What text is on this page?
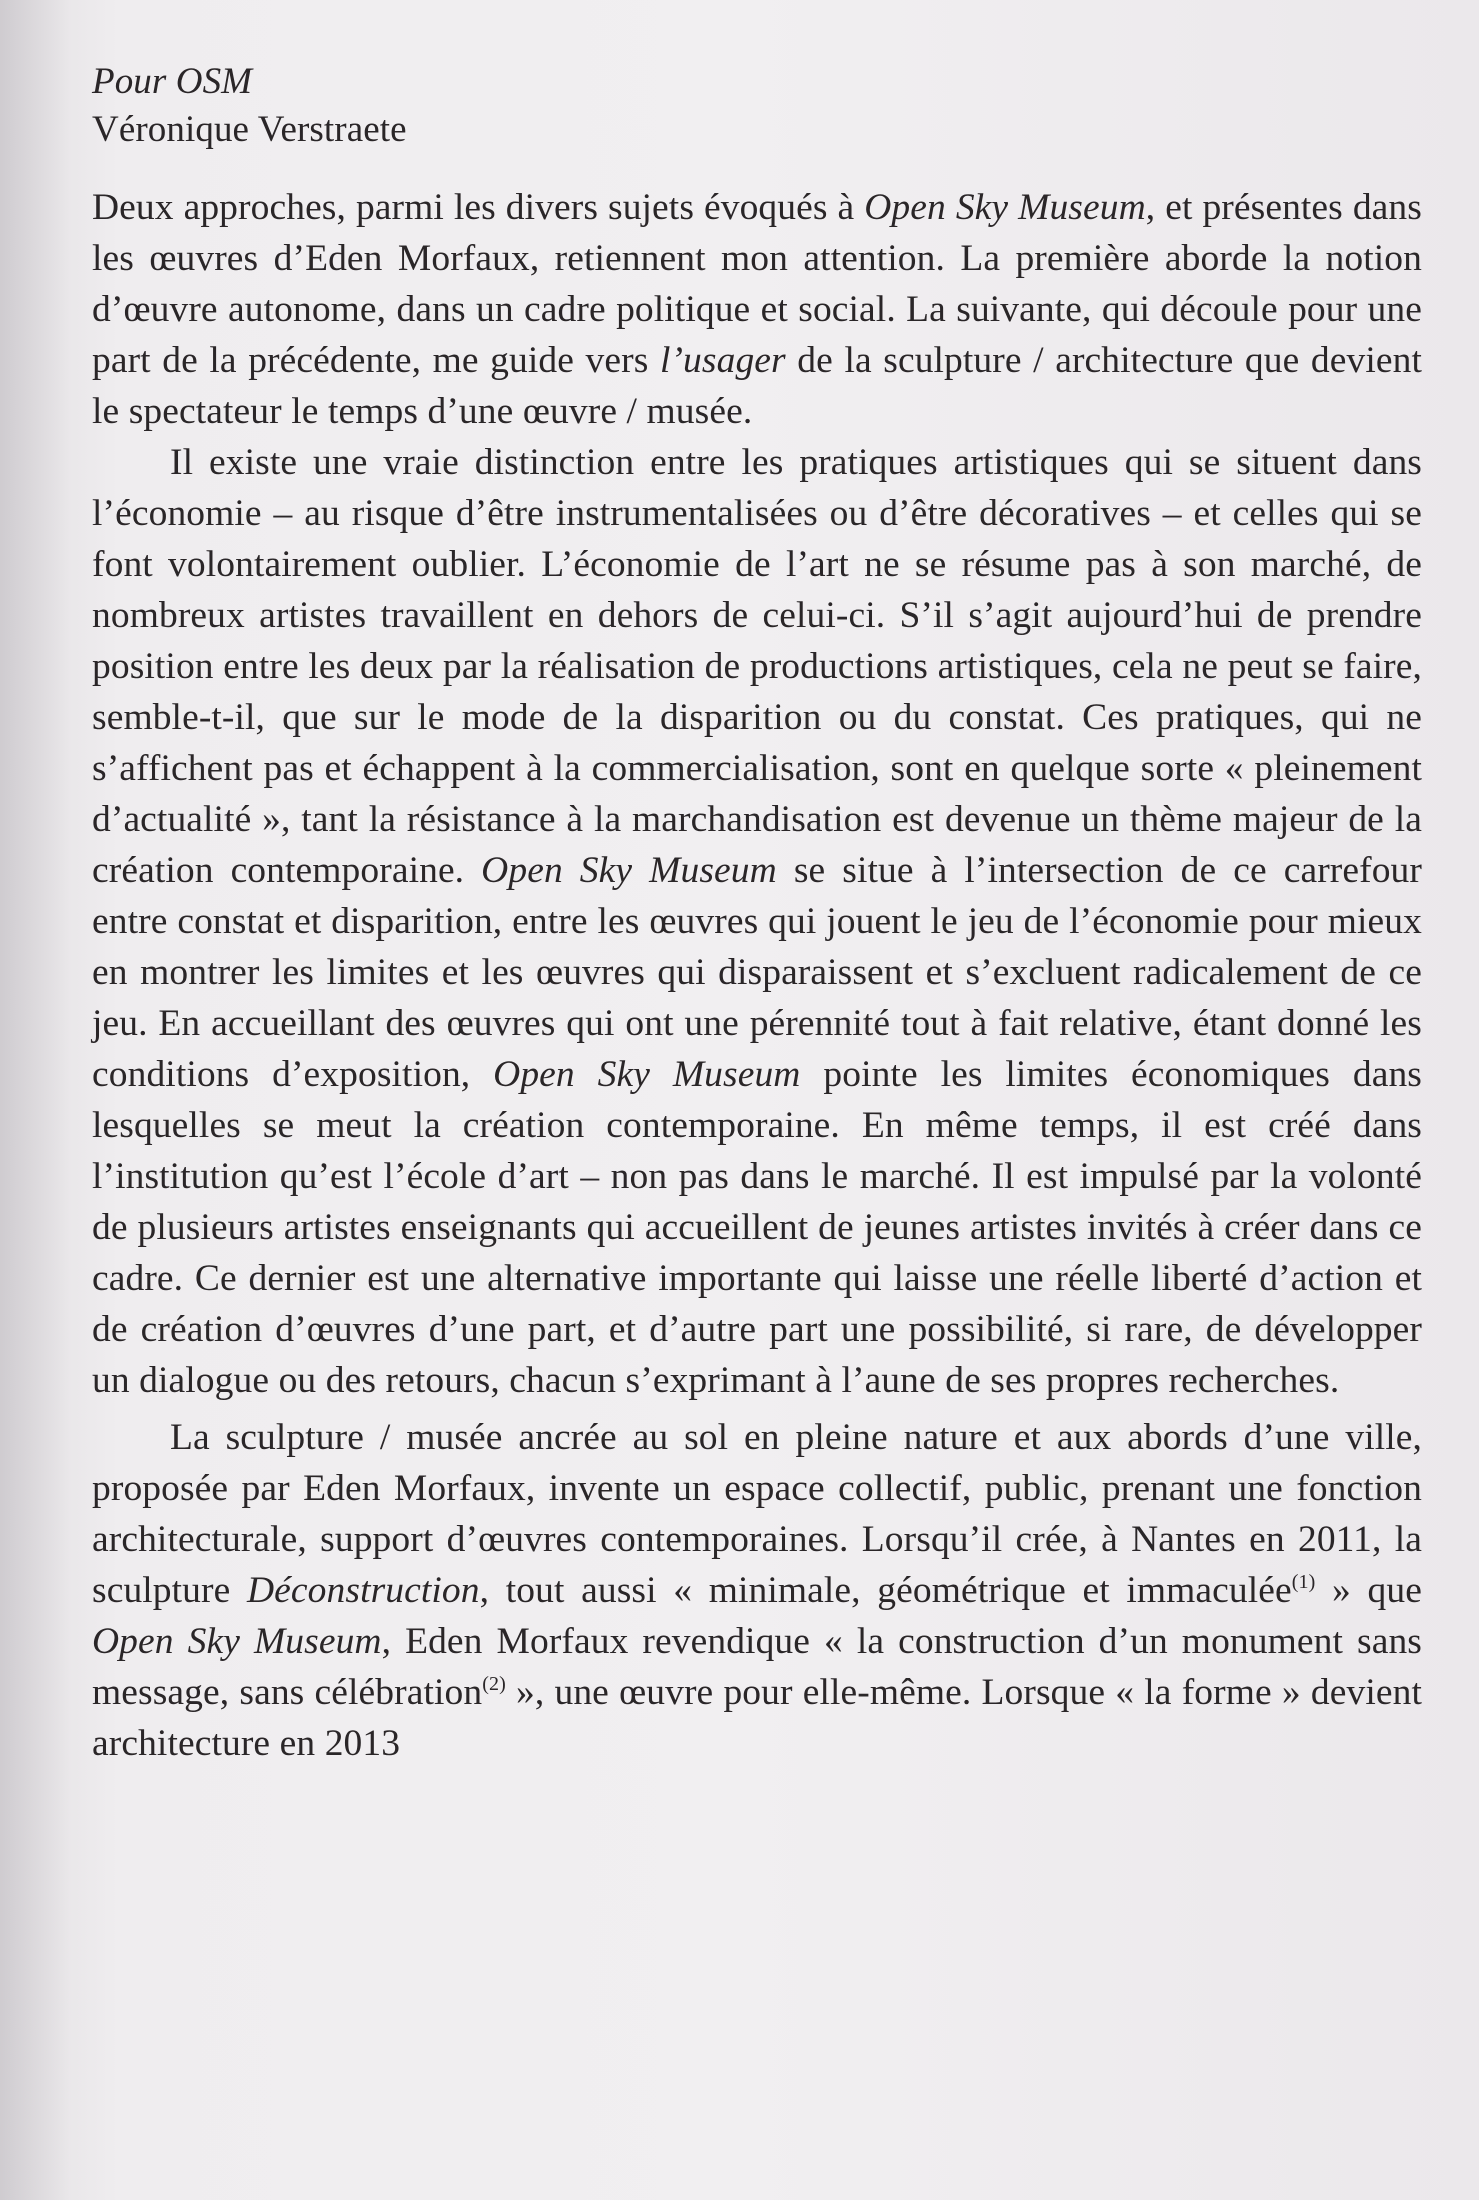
Pour OSM

Véronique Verstraete

Deux approches, parmi les divers sujets évoqués à Open Sky Museum, et présentes dans les œuvres d’Eden Morfaux, retiennent mon attention. La première aborde la notion d’œuvre autonome, dans un cadre politique et social. La suivante, qui découle pour une part de la précédente, me guide vers l’usager de la sculpture / architecture que devient le spectateur le temps d’une œuvre / musée.

Il existe une vraie distinction entre les pratiques artistiques qui se situent dans l’économie – au risque d’être instrumentalisées ou d’être décoratives – et celles qui se font volontairement oublier. L’économie de l’art ne se résume pas à son marché, de nombreux artistes travaillent en dehors de celui-ci. S’il s’agit aujourd’hui de prendre position entre les deux par la réalisation de productions artistiques, cela ne peut se faire, semble-t-il, que sur le mode de la disparition ou du constat. Ces pratiques, qui ne s’affichent pas et échappent à la commercialisation, sont en quelque sorte « pleinement d’actualité », tant la résistance à la marchandisation est devenue un thème majeur de la création contemporaine. Open Sky Museum se situe à l’intersection de ce carrefour entre constat et disparition, entre les œuvres qui jouent le jeu de l’économie pour mieux en montrer les limites et les œuvres qui disparaissent et s’excluent radicalement de ce jeu. En accueillant des œuvres qui ont une pérennité tout à fait relative, étant donné les conditions d’exposition, Open Sky Museum pointe les limites économiques dans lesquelles se meut la création contemporaine. En même temps, il est créé dans l’institution qu’est l’école d’art – non pas dans le marché. Il est impulsé par la volonté de plusieurs artistes enseignants qui accueillent de jeunes artistes invités à créer dans ce cadre. Ce dernier est une alternative importante qui laisse une réelle liberté d’action et de création d’œuvres d’une part, et d’autre part une possibilité, si rare, de développer un dialogue ou des retours, chacun s’exprimant à l’aune de ses propres recherches.

La sculpture / musée ancrée au sol en pleine nature et aux abords d’une ville, proposée par Eden Morfaux, invente un espace collectif, public, prenant une fonction architecturale, support d’œuvres contemporaines. Lorsqu’il crée, à Nantes en 2011, la sculpture Déconstruction, tout aussi « minimale, géométrique et immaculée$^{(1)}$ » que Open Sky Museum, Eden Morfaux revendique « la construction d’un monument sans message, sans célébration$^{(2)}$ », une œuvre pour elle-même. Lorsque « la forme » devient architecture en 2013
